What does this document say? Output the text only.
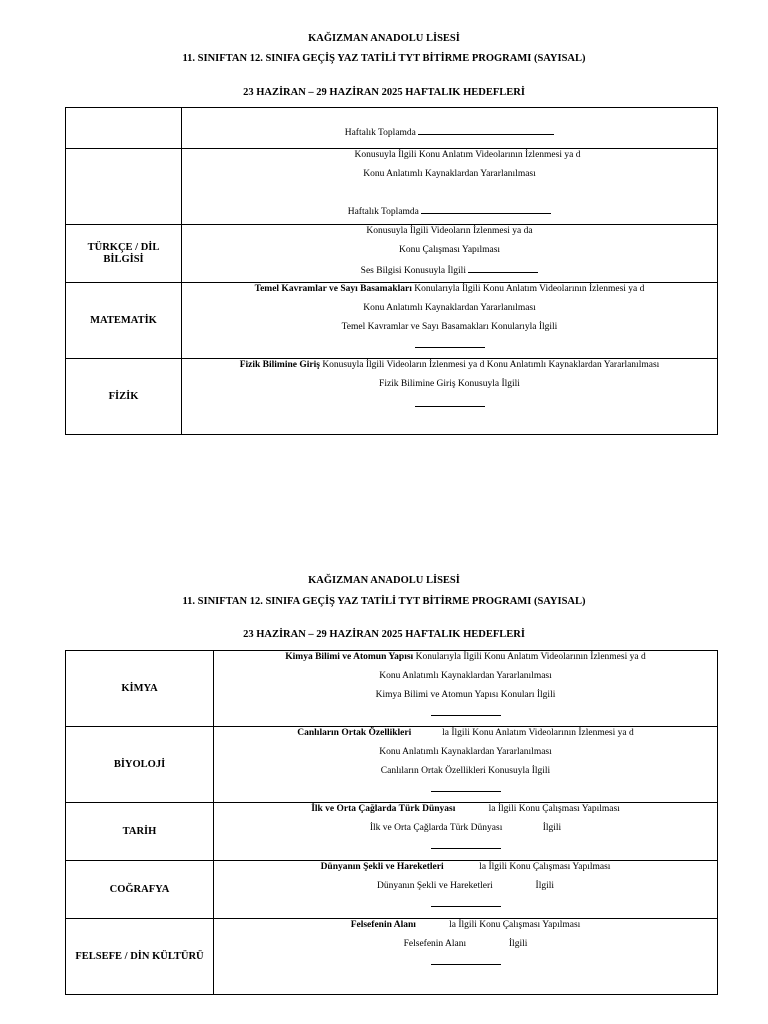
KAĞIZMAN ANADOLU LİSESİ
11. SINIFTAN 12. SINIFA GEÇİŞ YAZ TATİLİ TYT BİTİRME PROGRAMI (SAYISAL)
23 HAZİRAN – 29 HAZİRAN 2025 HAFTALIK HEDEFLERİ

	Haftalık Toplamda

	Konusuyla İlgili Konu Anlatım Videolarının İzlenmesi ya d
Konu Anlatımlı Kaynaklardan Yararlanılması
Haftalık Toplamda

TÜRKÇE / DİL BİLGİSİ	Konusuyla İlgili Videoların İzlenmesi ya da
Konu Çalışması Yapılması
Ses Bilgisi Konusuyla İlgili

MATEMATİK	Temel Kavramlar ve Sayı Basamakları Konularıyla İlgili Konu Anlatım Videolarının İzlenmesi ya d
Konu Anlatımlı Kaynaklardan Yararlanılması
Temel Kavramlar ve Sayı Basamakları Konularıyla İlgili

FİZİK	Fizik Bilimine Giriş Konusuyla İlgili Videoların İzlenmesi ya d Konu Anlatımlı Kaynaklardan Yararlanılması
Fizik Bilimine Giriş Konusuyla İlgili
KAĞIZMAN ANADOLU LİSESİ
11. SINIFTAN 12. SINIFA GEÇİŞ YAZ TATİLİ TYT BİTİRME PROGRAMI (SAYISAL)
23 HAZİRAN – 29 HAZİRAN 2025 HAFTALIK HEDEFLERİ
KİMYA	Kimya Bilimi ve Atomun Yapısı Konularıyla İlgili Konu Anlatım Videolarının İzlenmesi ya d
Konu Anlatımlı Kaynaklardan Yararlanılması
Kimya Bilimi ve Atomun Yapısı Konuları İlgili

BİYOLOJİ	Canlıların Ortak Özellikleri             la İlgili Konu Anlatım Videolarının İzlenmesi ya d
Konu Anlatımlı Kaynaklardan Yararlanılması
Canlıların Ortak Özellikleri Konusuyla İlgili

TARİH	İlk ve Orta Çağlarda Türk Dünyası              la İlgili Konu Çalışması Yapılması
İlk ve Orta Çağlarda Türk Dünyası                 İlgili

COĞRAFYA	Dünyanın Şekli ve Hareketleri               la İlgili Konu Çalışması Yapılması
Dünyanın Şekli ve Hareketleri                  İlgili

FELSEFE / DİN KÜLTÜRÜ	Felsefenin Alanı              la İlgili Konu Çalışması Yapılması
Felsefenin Alanı                  İlgili
